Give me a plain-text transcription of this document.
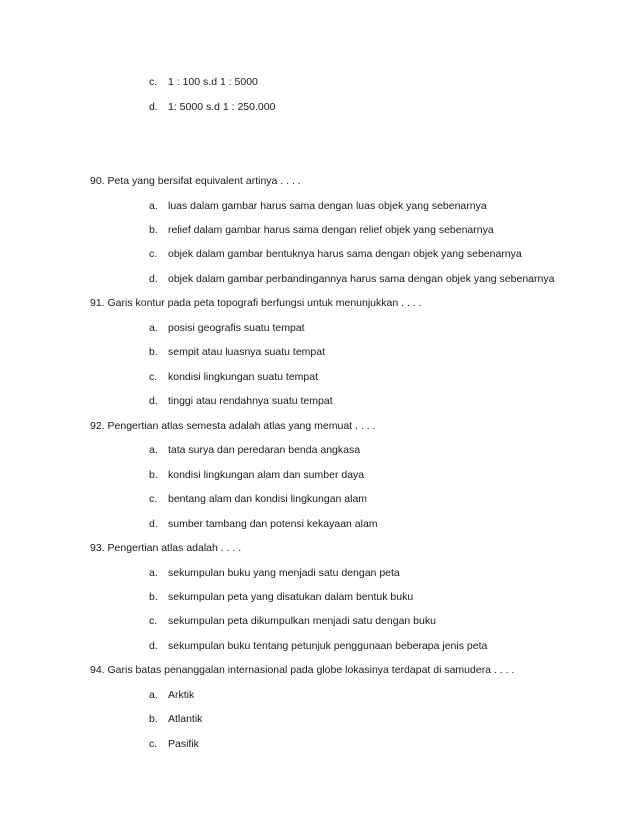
c. 1 : 100 s.d 1 : 5000
d. 1: 5000 s.d 1 : 250.000
90. Peta yang bersifat equivalent artinya . . . .
a. luas dalam gambar harus sama dengan luas objek yang sebenarnya
b. relief dalam gambar harus sama dengan relief objek yang sebenarnya
c. objek dalam gambar bentuknya harus sama dengan objek yang sebenarnya
d. objek dalam gambar perbandingannya harus sama dengan objek yang sebenarnya
91. Garis kontur pada peta topografi berfungsi untuk menunjukkan . . . .
a. posisi geografis suatu tempat
b. sempit atau luasnya suatu tempat
c. kondisi lingkungan suatu tempat
d. tinggi atau rendahnya suatu tempat
92. Pengertian atlas semesta adalah atlas yang memuat . . . .
a. tata surya dan peredaran benda angkasa
b. kondisi lingkungan alam dan sumber daya
c. bentang alam dan kondisi lingkungan alam
d. sumber tambang dan potensi kekayaan alam
93. Pengertian atlas adalah . . . .
a. sekumpulan buku yang menjadi satu dengan peta
b. sekumpulan peta yang disatukan dalam bentuk buku
c. sekumpulan peta dikumpulkan menjadi satu dengan buku
d. sekumpulan buku tentang petunjuk penggunaan beberapa jenis peta
94. Garis batas penanggalan internasional pada globe lokasinya terdapat di samudera . . . .
a. Arktik
b. Atlantik
c. Pasifik
